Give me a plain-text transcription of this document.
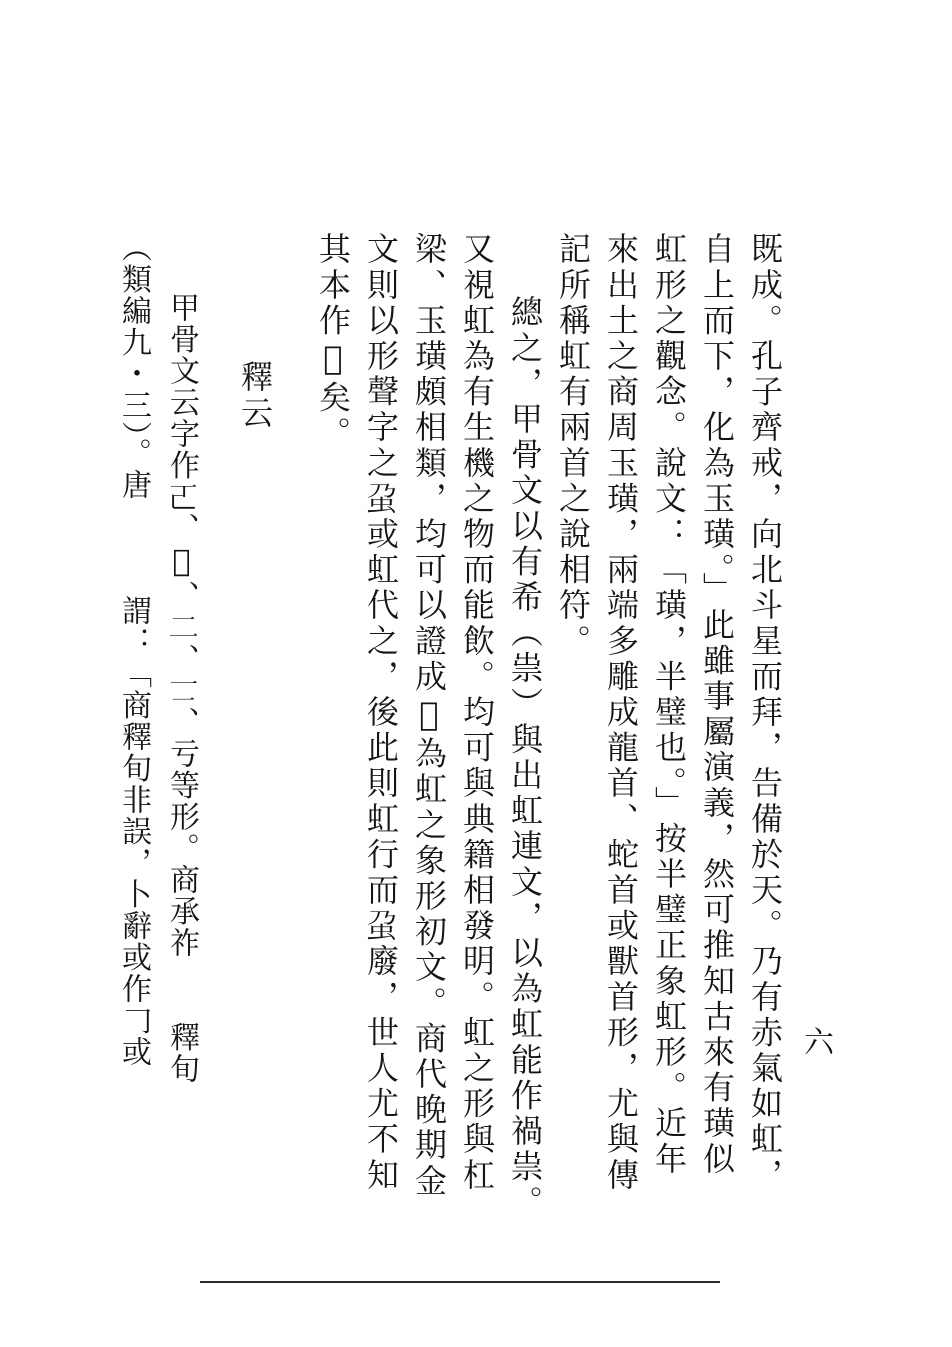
六
既成。孔子齊戒，向北斗星而拜，告備於天。乃有赤氣如虹，
自上而下，化為玉璜。」此雖事屬演義，然可推知古來有璜似
虹形之觀念。說文：「璜，半璧也。」按半璧正象虹形。近年
來出土之商周玉璜，兩端多雕成龍首、蛇首或獸首形，尤與傳
記所稱虹有兩首之說相符。
總之，甲骨文以有希（祟）與出虹連文，以為虹能作禍祟。
又視虹為有生機之物而能飲。均可與典籍相發明。虹之形與杠
梁、玉璜頗相類，均可以證成𠃝為虹之象形初文。商代晚期金
文則以形聲字之𧈦或虹代之，後此則虹行而𧈦廢，世人尤不知
其本作𠃝矣。
釋云
甲骨文云字作𠀀、𠃣、𠄞、𠄟、亏等形。商承祚　　釋旬
（類編九・三）。唐　　　謂：「商釋旬非誤，卜辭或作𠃌或
